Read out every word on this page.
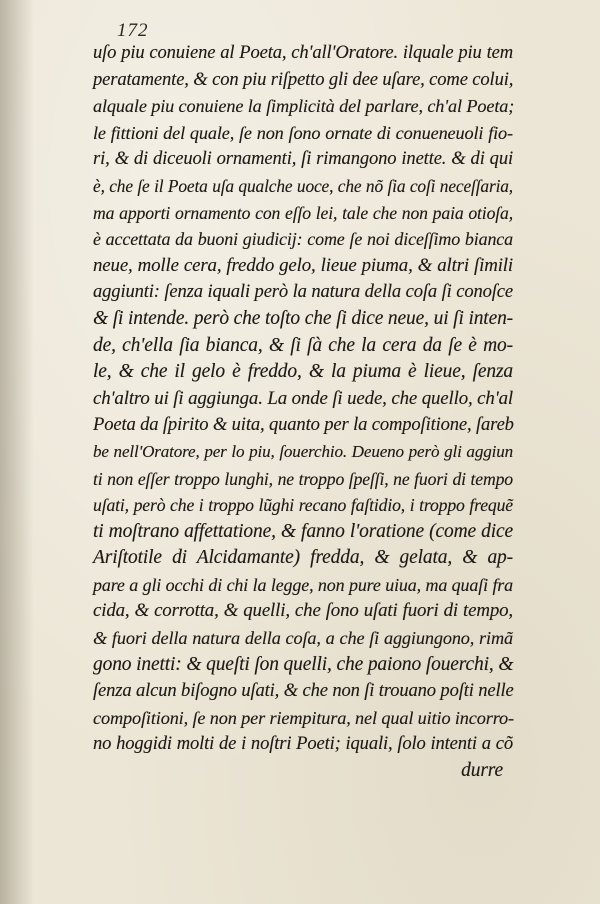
172
uſo piu conuiene al Poeta, ch'all'Oratore. ilquale piu tem
peratamente, & con piu riſpetto gli dee uſare, come colui,
alquale piu conuiene la ſimplicità del parlare, ch'al Poeta;
le fittioni del quale, ſe non ſono ornate di conueneuoli fio-
ri, & di diceuoli ornamenti, ſi rimangono inette. & di qui
è, che ſe il Poeta uſa qualche uoce, che nõ ſia coſi neceſſaria,
ma apporti ornamento con eſſo lei, tale che non paia otioſa,
è accettata da buoni giudicij: come ſe noi diceſſimo bianca
neue, molle cera, freddo gelo, lieue piuma, & altri ſimili
aggiunti: ſenza iquali però la natura della coſa ſi conoſce
& ſi intende. però che toſto che ſi dice neue, ui ſi inten-
de, ch'ella ſia bianca, & ſi ſà che la cera da ſe è mo-
le, & che il gelo è freddo, & la piuma è lieue, ſenza
ch'altro ui ſi aggiunga. La onde ſi uede, che quello, ch'al
Poeta da ſpirito & uita, quanto per la compoſitione, ſareb
be nell'Oratore, per lo piu, ſouerchio. Deueno però gli aggiun
ti non eſſer troppo lunghi, ne troppo ſpeſſi, ne fuori di tempo
uſati, però che i troppo lũghi recano faſtidio, i troppo frequẽ
ti moſtrano affettatione, & fanno l'oratione (come dice
Ariſtotile di Alcidamante) fredda, & gelata, & ap-
pare a gli occhi di chi la legge, non pure uiua, ma quaſi fra
cida, & corrotta, & quelli, che ſono uſati fuori di tempo,
& fuori della natura della coſa, a che ſi aggiungono, rimã
gono inetti: & queſti ſon quelli, che paiono ſouerchi, &
ſenza alcun biſogno uſati, & che non ſi trouano poſti nelle
compoſitioni, ſe non per riempitura, nel qual uitio incorro-
no hoggidi molti de i noſtri Poeti; iquali, ſolo intenti a cõ
durre
